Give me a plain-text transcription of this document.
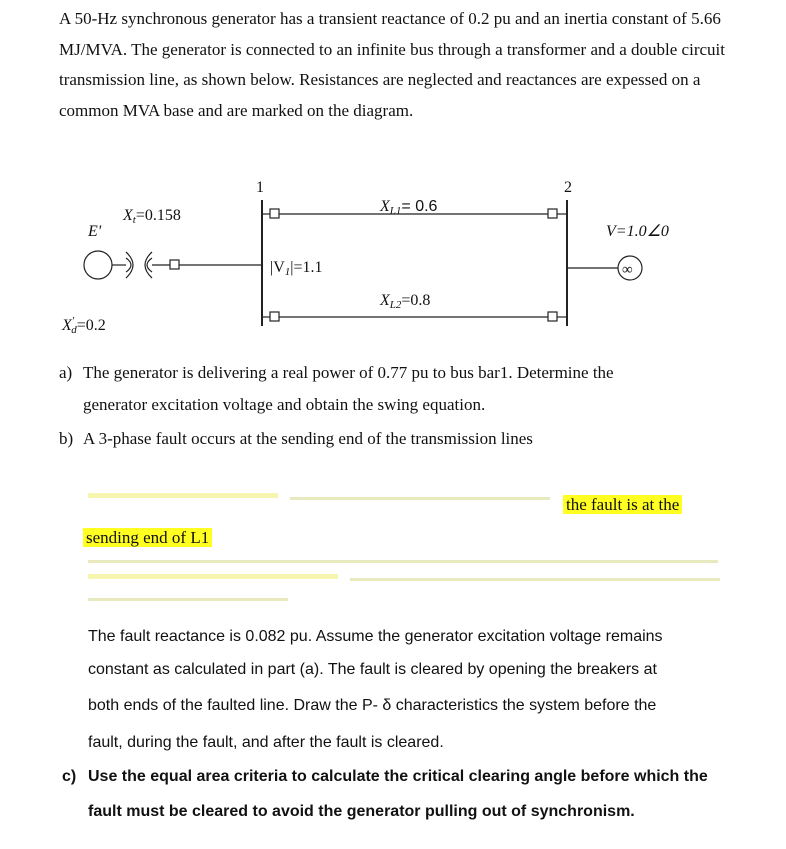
A 50-Hz synchronous generator has a transient reactance of 0.2 pu and an inertia constant of 5.66 MJ/MVA. The generator is connected to an infinite bus through a transformer and a double circuit transmission line, as shown below. Resistances are neglected and reactances are expessed on a common MVA base and are marked on the diagram.
E'
Xt=0.158
X′ d=0.2
1	2
|V1|=1.1
XL1= 0.6
XL2=0.8
V=1.0∠0
∞
a) The generator is delivering a real power of 0.77 pu to bus bar1. Determine the
generator excitation voltage and obtain the swing equation.
b) A 3-phase fault occurs at the sending end of the transmission lines
the fault is at the
sending end of L1
The fault reactance is 0.082 pu. Assume the generator excitation voltage remains
constant as calculated in part (a). The fault is cleared by opening the breakers at
both ends of the faulted line. Draw the P- δ characteristics the system before the
fault, during the fault, and after the fault is cleared.
c) Use the equal area criteria to calculate the critical clearing angle before which the
fault must be cleared to avoid the generator pulling out of synchronism.
